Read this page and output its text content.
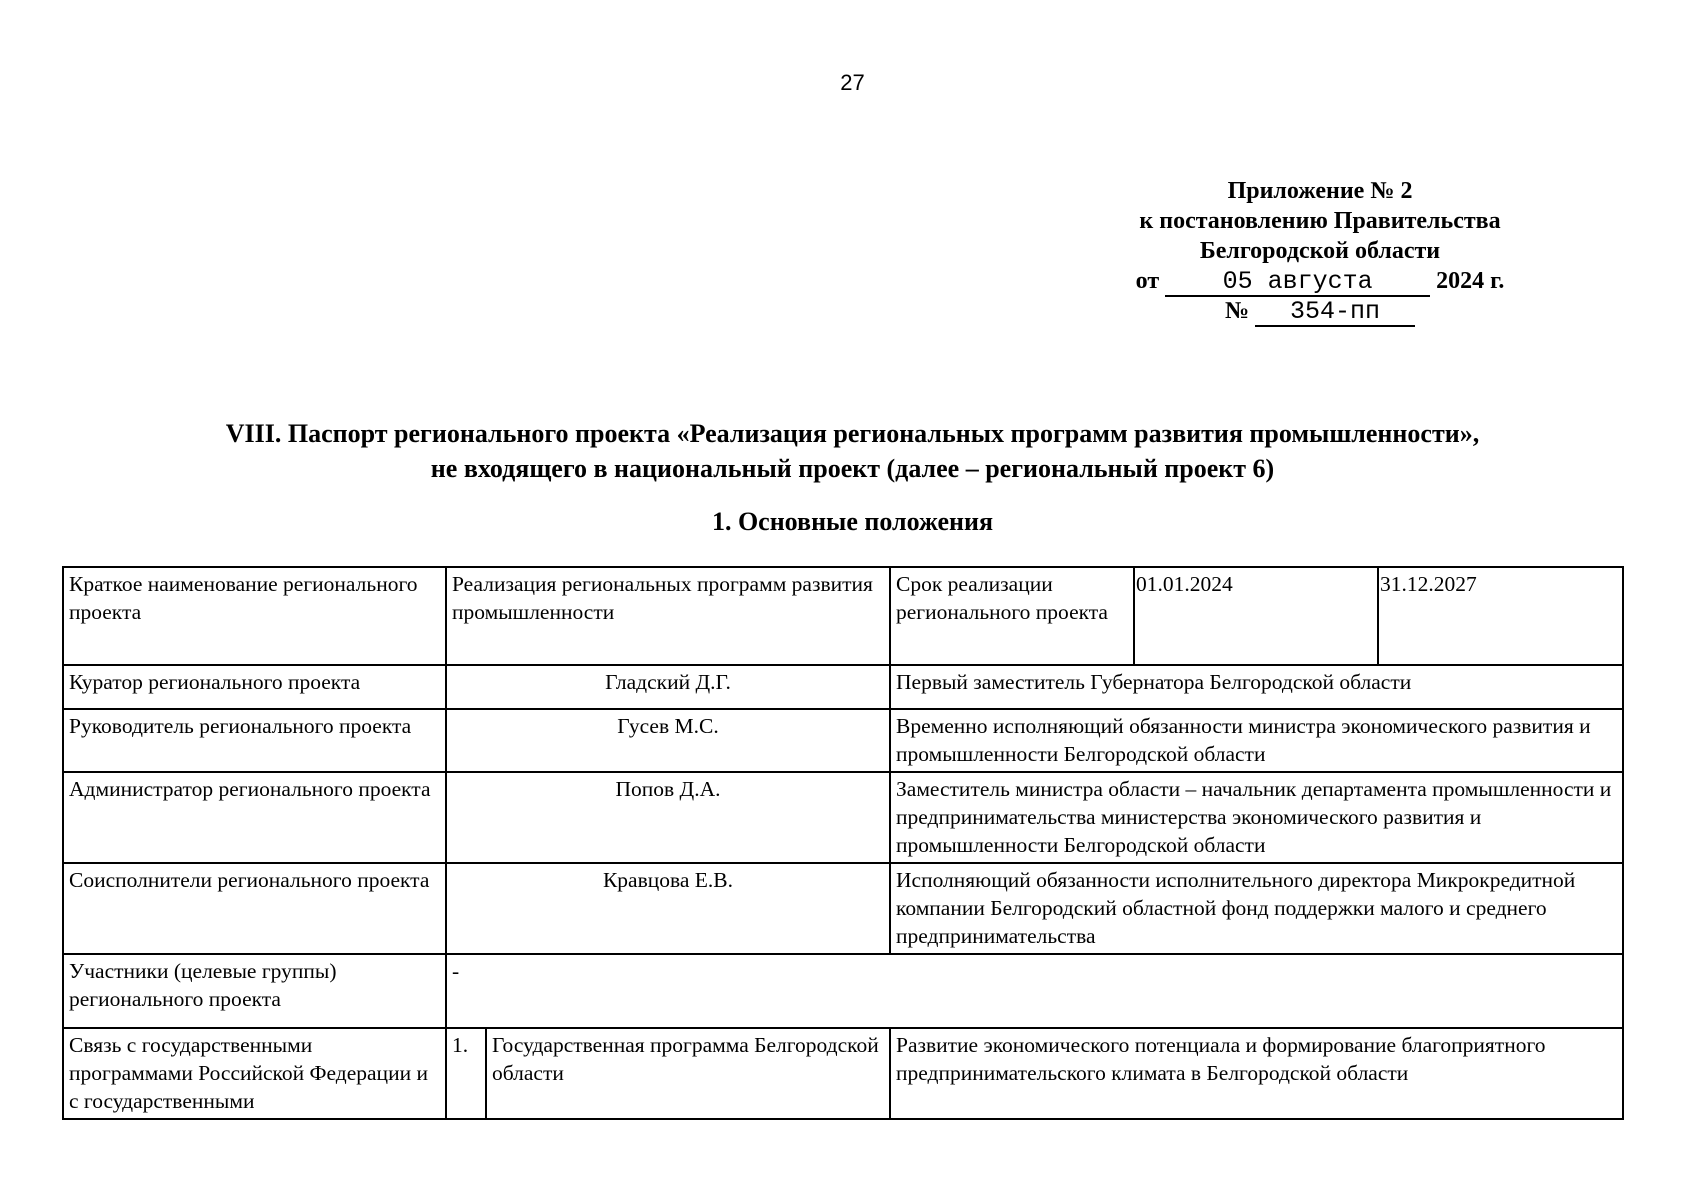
27
Приложение № 2
к постановлению Правительства
Белгородской области
от	05 августа	2024 г.
№ 354-пп
VIII. Паспорт регионального проекта «Реализация региональных программ развития промышленности»,
не входящего в национальный проект (далее – региональный проект 6)
1. Основные положения
Краткое наименование регионального проекта	Реализация региональных программ развития промышленности		Срок реализации регионального проекта	01.01.2024	31.12.2027
Куратор регионального проекта	Гладский Д.Г.		Первый заместитель Губернатора Белгородской области		
Руководитель регионального проекта	Гусев М.С.		Временно исполняющий обязанности министра экономического развития и промышленности Белгородской области		
Администратор регионального проекта	Попов Д.А.		Заместитель министра области – начальник департамента промышленности и предпринимательства министерства экономического развития и промышленности Белгородской области		
Соисполнители регионального проекта	Кравцова Е.В.		Исполняющий обязанности исполнительного директора Микрокредитной компании Белгородский областной фонд поддержки малого и среднего предпринимательства		
Участники (целевые группы) регионального проекта	-				
Связь с государственными программами Российской Федерации и с государственными	1.	Государственная программа Белгородской области	Развитие экономического потенциала и формирование благоприятного предпринимательского климата в Белгородской области		
